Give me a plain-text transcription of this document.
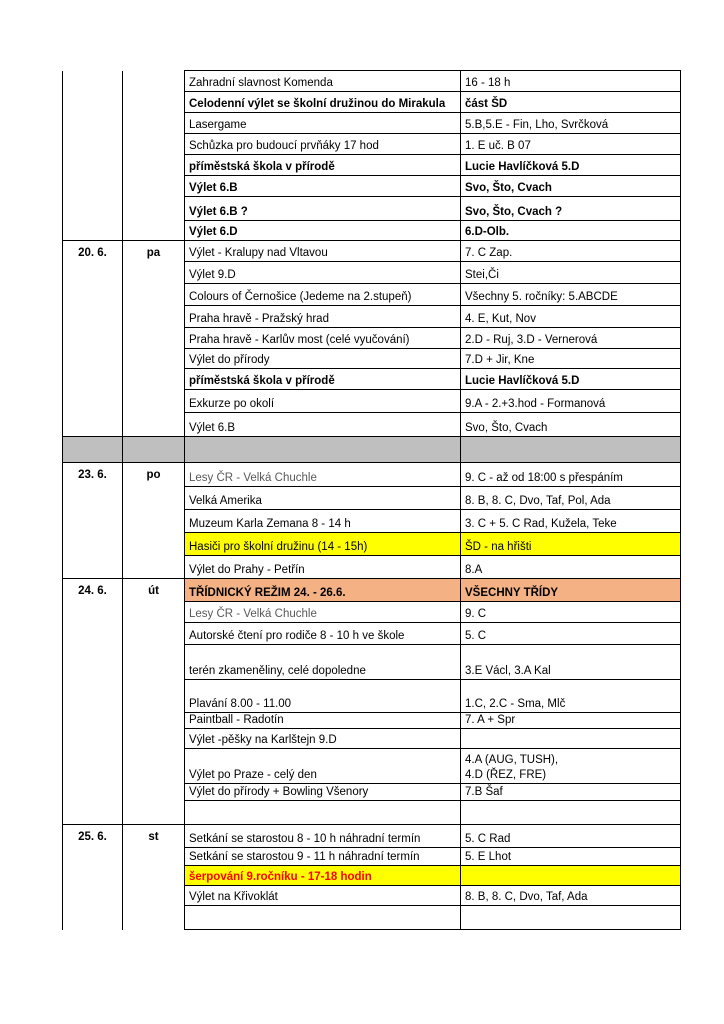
		Zahradní slavnost Komenda	16 - 18 h
		Celodenní výlet se školní družinou do Mirakula	část ŠD
		Lasergame	5.B,5.E - Fin, Lho, Svrčková
		Schůzka pro budoucí prvňáky 17 hod	1. E uč. B 07
		příměstská škola v přírodě	Lucie Havlíčková 5.D
		Výlet 6.B	Svo, Što, Cvach
		Výlet 6.B ?	Svo, Što, Cvach ?
		Výlet 6.D	6.D-Olb.
20. 6.	pa	Výlet - Kralupy nad Vltavou	7. C Zap.
		Výlet 9.D	Stei,Či
		Colours of Černošice (Jedeme na 2.stupeň)	Všechny 5. ročníky: 5.ABCDE
		Praha hravě - Pražský hrad	4. E, Kut, Nov
		Praha hravě - Karlův most (celé vyučování)	2.D - Ruj, 3.D - Vernerová
		Výlet do přírody	7.D + Jir, Kne
		příměstská škola v přírodě	Lucie Havlíčková 5.D
		Exkurze po okolí	9.A - 2.+3.hod - Formanová
		Výlet 6.B	Svo, Što, Cvach

23. 6.	po	Lesy ČR - Velká Chuchle	9. C - až od 18:00 s přespáním
		Velká Amerika	8. B, 8. C, Dvo, Taf, Pol, Ada
		Muzeum Karla Zemana 8 - 14 h	3. C + 5. C Rad, Kužela, Teke
		Hasiči pro školní družinu (14 - 15h)	ŠD - na hřišti
		Výlet do Prahy - Petřín	8.A
24. 6.	út	TŘÍDNICKÝ REŽIM 24. - 26.6.	VŠECHNY TŘÍDY
		Lesy ČR - Velká Chuchle	9. C
		Autorské čtení pro rodiče 8 - 10 h ve škole	5. C
		terén zkameněliny, celé dopoledne	3.E Václ, 3.A Kal
		Plavání 8.00 - 11.00	1.C, 2.C - Sma, Mlč
		Paintball - Radotín	7. A + Spr
		Výlet -pěšky na Karlštejn 9.D	
		Výlet po Praze - celý den	4.A (AUG, TUSH),
4.D (ŘEZ, FRE)

		Výlet do přírody + Bowling Všenory	7.B Šaf

25. 6.	st	Setkání se starostou 8 - 10 h náhradní termín	5. C Rad
		Setkání se starostou 9 - 11 h náhradní termín	5. E Lhot
		šerpování 9.ročníku - 17-18 hodin	
		Výlet na Křivoklát	8. B, 8. C, Dvo, Taf, Ada
